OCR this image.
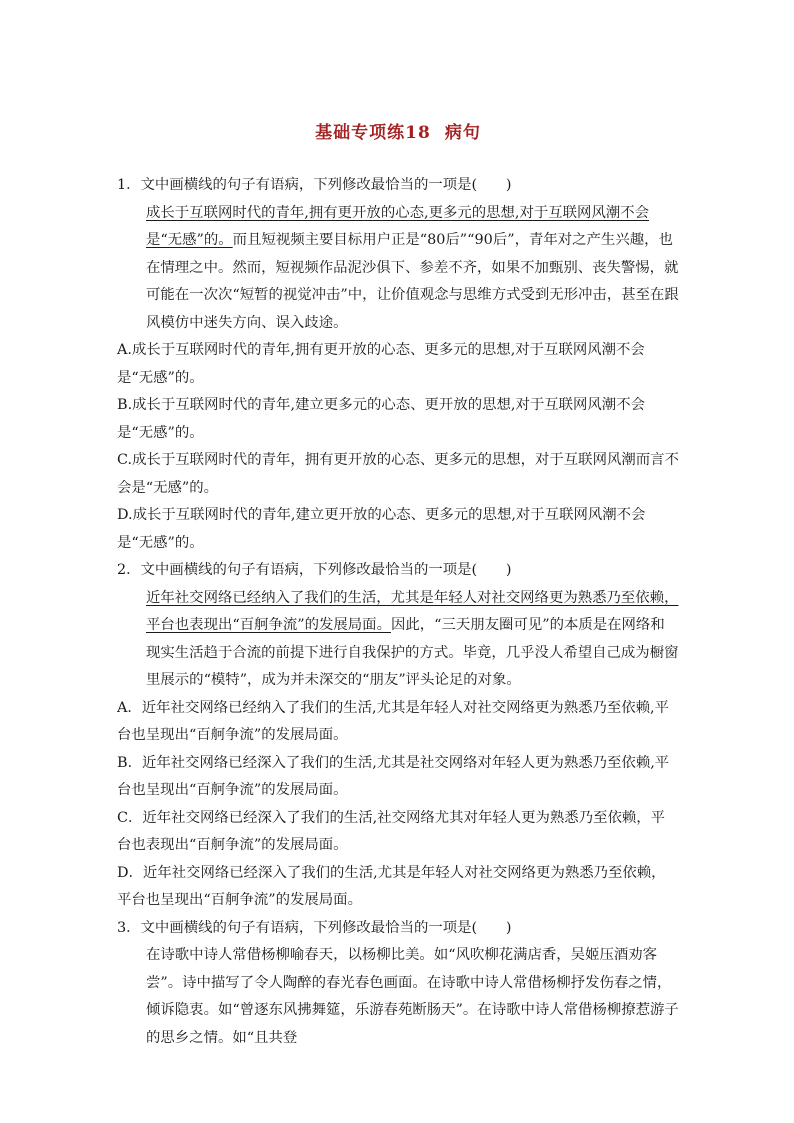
基础专项练18 病句
1．文中画横线的句子有语病，下列修改最恰当的一项是(　　)
成长于互联网时代的青年,拥有更开放的心态,更多元的思想,对于互联网风潮不会是“无感”的。而且短视频主要目标用户正是“80后”“90后”，青年对之产生兴趣，也在情理之中。然而，短视频作品泥沙俱下、参差不齐，如果不加甄别、丧失警惕，就可能在一次次“短暂的视觉冲击”中，让价值观念与思维方式受到无形冲击，甚至在跟风模仿中迷失方向、误入歧途。
A.成长于互联网时代的青年,拥有更开放的心态、更多元的思想,对于互联网风潮不会是“无感”的。
B.成长于互联网时代的青年,建立更多元的心态、更开放的思想,对于互联网风潮不会是“无感”的。
C.成长于互联网时代的青年，拥有更开放的心态、更多元的思想，对于互联网风潮而言不会是“无感”的。
D.成长于互联网时代的青年,建立更开放的心态、更多元的思想,对于互联网风潮不会是“无感”的。
2．文中画横线的句子有语病，下列修改最恰当的一项是(　　)
近年社交网络已经纳入了我们的生活，尤其是年轻人对社交网络更为熟悉乃至依赖，平台也表现出“百舸争流”的发展局面。因此，“三天朋友圈可见”的本质是在网络和现实生活趋于合流的前提下进行自我保护的方式。毕竟，几乎没人希望自己成为橱窗里展示的“模特”，成为并未深交的“朋友”评头论足的对象。
A．近年社交网络已经纳入了我们的生活,尤其是年轻人对社交网络更为熟悉乃至依赖,平台也呈现出“百舸争流”的发展局面。
B．近年社交网络已经深入了我们的生活,尤其是社交网络对年轻人更为熟悉乃至依赖,平台也呈现出“百舸争流”的发展局面。
C．近年社交网络已经深入了我们的生活,社交网络尤其对年轻人更为熟悉乃至依赖，平台也表现出“百舸争流”的发展局面。
D．近年社交网络已经深入了我们的生活,尤其是年轻人对社交网络更为熟悉乃至依赖，平台也呈现出“百舸争流”的发展局面。
3．文中画横线的句子有语病，下列修改最恰当的一项是(　　)
在诗歌中诗人常借杨柳喻春天，以杨柳比美。如“风吹柳花满店香，吴姬压酒劝客尝”。诗中描写了令人陶醉的春光春色画面。在诗歌中诗人常借杨柳抒发伤春之情，倾诉隐衷。如“曾逐东风拂舞筵，乐游春苑断肠天”。在诗歌中诗人常借杨柳撩惹游子的思乡之情。如“且共登
